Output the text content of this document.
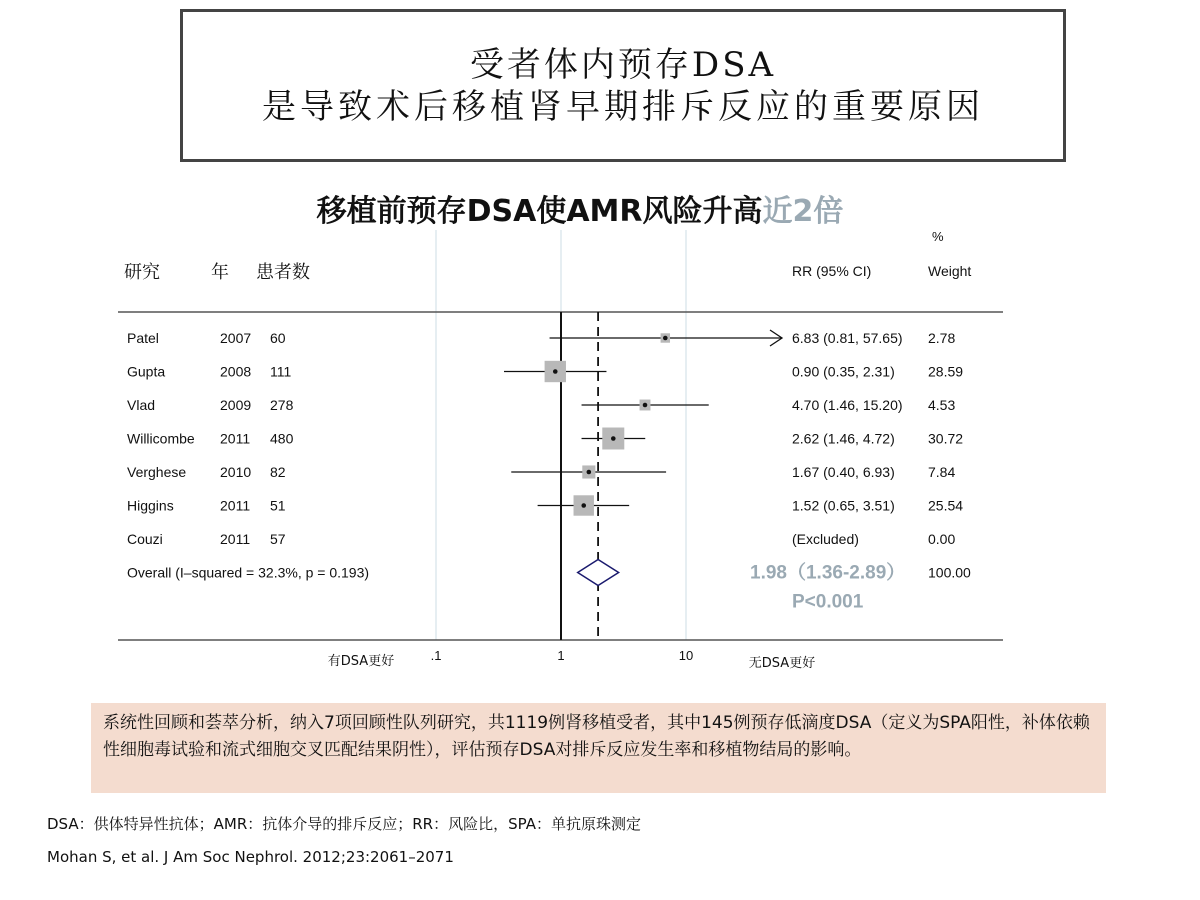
受者体内预存DSA
是导致术后移植肾早期排斥反应的重要原因
移植前预存DSA使AMR风险升高近2倍
%
研究	年 患者数	RR (95% CI)	Weight
Patel	2007 60	6.83 (0.81, 57.65) 2.78
Gupta	2008 111	0.90 (0.35, 2.31) 28.59
Vlad	2009 278	4.70 (1.46, 15.20) 4.53
Willicombe 2011 480	2.62 (1.46, 4.72) 30.72
Verghese 2010 82	1.67 (0.40, 6.93) 7.84
Higgins	2011 51	1.52 (0.65, 3.51) 25.54
Couzi	2011 57	(Excluded)	0.00
Overall (I–squared = 32.3%, p = 0.193)	1.98（1.36-2.89） 100.00
P<0.001
.1	1	10
有DSA更好	无DSA更好
系统性回顾和荟萃分析，纳入7项回顾性队列研究，共1119例肾移植受者，其中145例预存低滴度DSA（定义为SPA阳性，补体依赖性细胞毒试验和流式细胞交叉匹配结果阴性），评估预存DSA对排斥反应发生率和移植物结局的影响。
DSA：供体特异性抗体；AMR：抗体介导的排斥反应；RR：风险比，SPA：单抗原珠测定
Mohan S, et al. J Am Soc Nephrol. 2012;23:2061–2071
